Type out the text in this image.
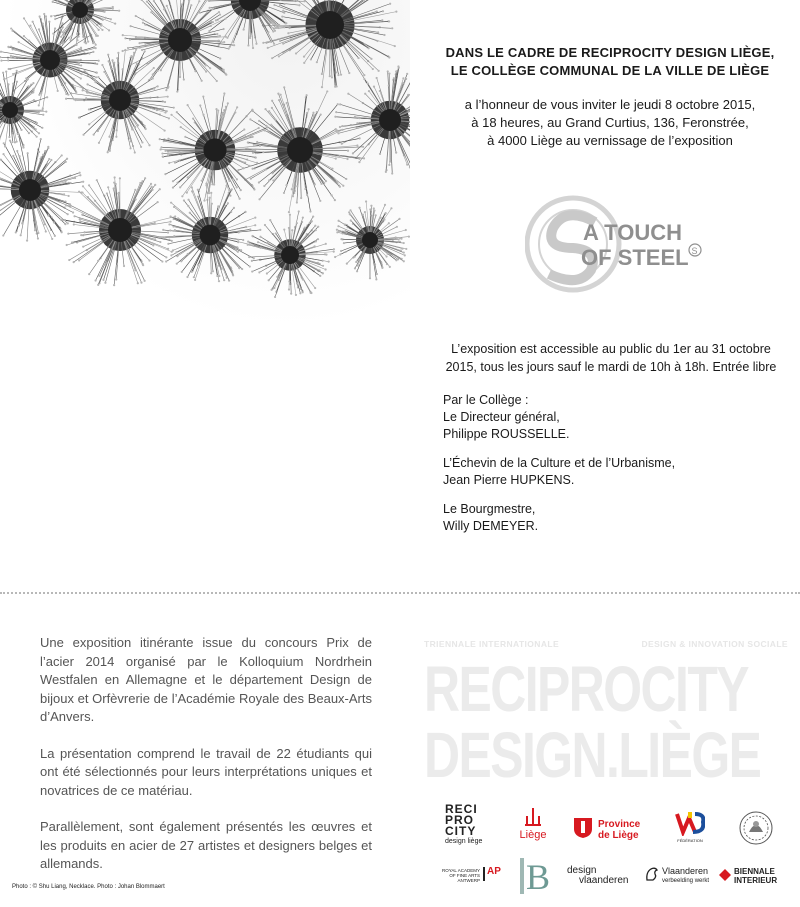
DANS LE CADRE DE RECIPROCITY DESIGN LIÈGE,
LE COLLÈGE COMMUNAL DE LA VILLE DE LIÈGE
a l’honneur de vous inviter le jeudi 8 octobre 2015,
à 18 heures, au Grand Curtius, 136, Feronstrée,
à 4000 Liège au vernissage de l’exposition
A TOUCH
OF STEEL S
L’exposition est accessible au public du 1er au 31 octobre
2015, tous les jours sauf le mardi de 10h à 18h. Entrée libre
Par le Collège :
Le Directeur général,
Philippe ROUSSELLE.
L’Échevin de la Culture et de l’Urbanisme,
Jean Pierre HUPKENS.
Le Bourgmestre,
Willy DEMEYER.

Une exposition itinérante issue du concours Prix de l’acier 2014 organisé par le Kolloquium Nordrhein Westfalen en Allemagne et le département Design de bijoux et Orfèvrerie de l’Académie Royale des Beaux-Arts d’Anvers.

La présentation comprend le travail de 22 étudiants qui ont été sélectionnés pour leurs interprétations uniques et novatrices de ce matériau.

Parallèlement, sont également présentés les œuvres et les produits en acier de 27 artistes et designers belges et allemands.

Photo : © Shu Liang, Necklace. Photo : Johan Blommaert
TRIENNALE INTERNATIONALE	DESIGN & INNOVATION SOCIALE
RECIPROCITY
DESIGN.LIÈGE
RECI
PRO
CITY
design liège
Liège
Province
de Liège	FÉDÉRATION
ROYAL ACADEMY
OF FINE ARTS
ANTWERP
AP B design
vlaanderen
Vlaanderen
verbeelding werkt
BIENNALE
INTERIEUR
